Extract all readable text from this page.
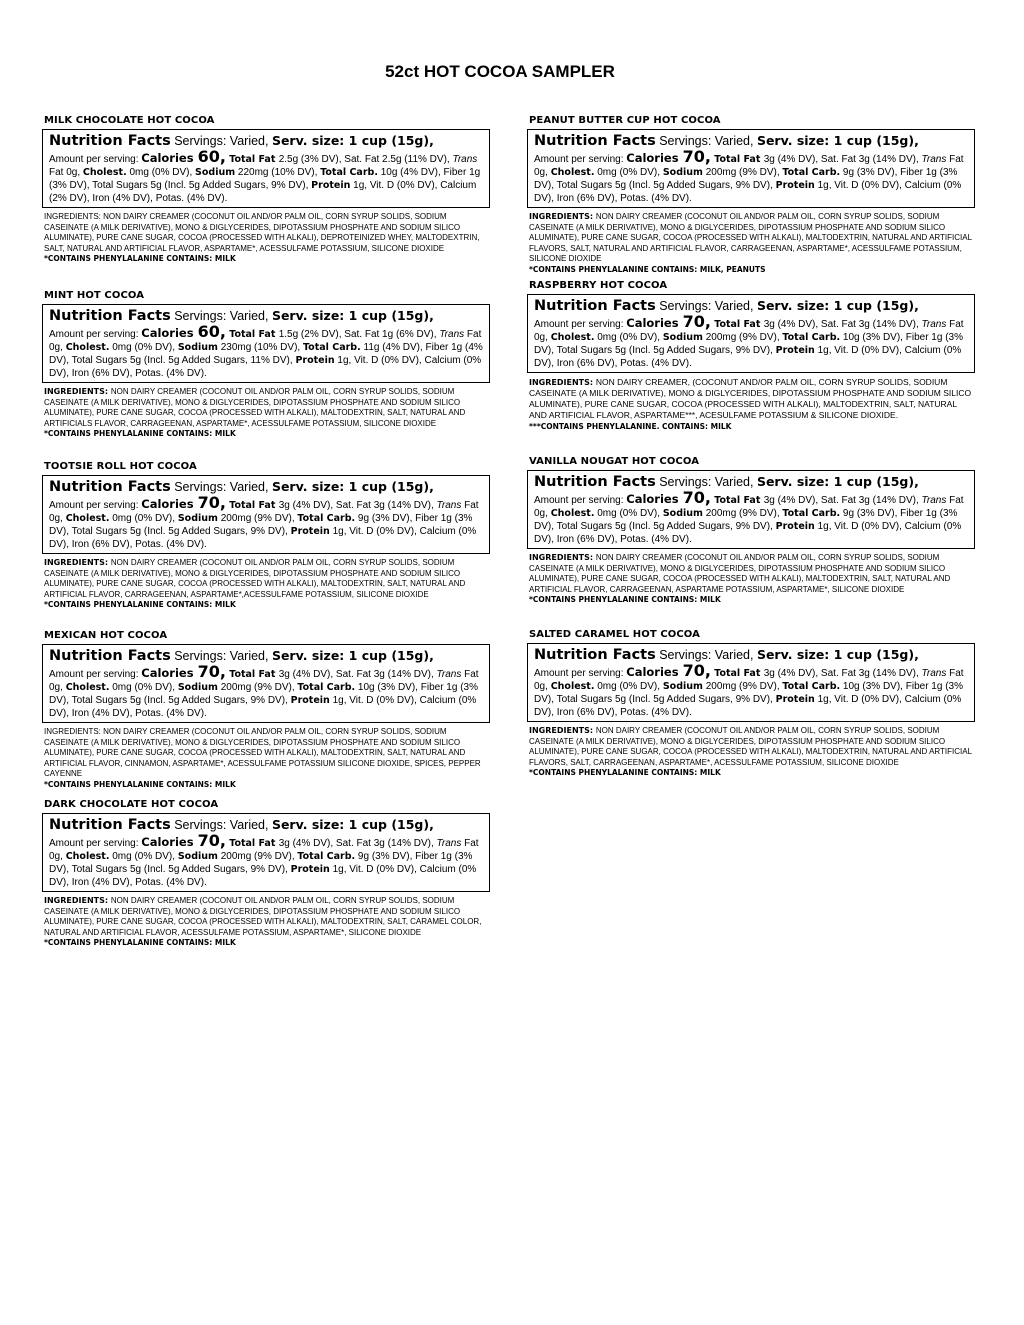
52ct HOT COCOA SAMPLER
MILK CHOCOLATE HOT COCOA
Nutrition Facts Servings: Varied, Serv. size: 1 cup (15g),
Amount per serving: Calories 60, Total Fat 2.5g (3% DV), Sat. Fat 2.5g (11% DV), Trans Fat 0g, Cholest. 0mg (0% DV), Sodium 220mg (10% DV), Total Carb. 10g (4% DV), Fiber 1g (3% DV), Total Sugars 5g (Incl. 5g Added Sugars, 9% DV), Protein 1g, Vit. D (0% DV), Calcium (2% DV), Iron (4% DV), Potas. (4% DV).
INGREDIENTS: NON DAIRY CREAMER (COCONUT OIL AND/OR PALM OIL, CORN SYRUP SOLIDS, SODIUM CASEINATE (A MILK DERIVATIVE), MONO & DIGLYCERIDES, DIPOTASSIUM PHOSPHATE AND SODIUM SILICO ALUMINATE), PURE CANE SUGAR, COCOA (PROCESSED WITH ALKALI), DEPROTEINIZED WHEY, MALTODEXTRIN, SALT, NATURAL AND ARTIFICIAL FLAVOR, ASPARTAME*, ACESSULFAME POTASSIUM, SILICONE DIOXIDE
*CONTAINS PHENYLALANINE CONTAINS: MILK
MINT HOT COCOA
Nutrition Facts Servings: Varied, Serv. size: 1 cup (15g),
Amount per serving: Calories 60, Total Fat 1.5g (2% DV), Sat. Fat 1g (6% DV), Trans Fat 0g, Cholest. 0mg (0% DV), Sodium 230mg (10% DV), Total Carb. 11g (4% DV), Fiber 1g (4% DV), Total Sugars 5g (Incl. 5g Added Sugars, 11% DV), Protein 1g, Vit. D (0% DV), Calcium (0% DV), Iron (6% DV), Potas. (4% DV).
INGREDIENTS: NON DAIRY CREAMER (COCONUT OIL AND/OR PALM OIL, CORN SYRUP SOLIDS, SODIUM CASEINATE (A MILK DERIVATIVE), MONO & DIGLYCERIDES, DIPOTASSIUM PHOSPHATE AND SODIUM SILICO ALUMINATE), PURE CANE SUGAR, COCOA (PROCESSED WITH ALKALI), MALTODEXTRIN, SALT, NATURAL AND ARTIFICIALS FLAVOR, CARRAGEENAN, ASPARTAME*, ACESSULFAME POTASSIUM, SILICONE DIOXIDE
*CONTAINS PHENYLALANINE CONTAINS: MILK
TOOTSIE ROLL HOT COCOA
Nutrition Facts Servings: Varied, Serv. size: 1 cup (15g),
Amount per serving: Calories 70, Total Fat 3g (4% DV), Sat. Fat 3g (14% DV), Trans Fat 0g, Cholest. 0mg (0% DV), Sodium 200mg (9% DV), Total Carb. 9g (3% DV), Fiber 1g (3% DV), Total Sugars 5g (Incl. 5g Added Sugars, 9% DV), Protein 1g, Vit. D (0% DV), Calcium (0% DV), Iron (6% DV), Potas. (4% DV).
INGREDIENTS: NON DAIRY CREAMER (COCONUT OIL AND/OR PALM OIL, CORN SYRUP SOLIDS, SODIUM CASEINATE (A MILK DERIVATIVE), MONO & DIGLYCERIDES, DIPOTASSIUM PHOSPHATE AND SODIUM SILICO ALUMINATE), PURE CANE SUGAR, COCOA (PROCESSED WITH ALKALI), MALTODEXTRIN, SALT, NATURAL AND ARTIFICIAL FLAVOR, CARRAGEENAN, ASPARTAME*,ACESSULFAME POTASSIUM, SILICONE DIOXIDE
*CONTAINS PHENYLALANINE CONTAINS: MILK
MEXICAN HOT COCOA
Nutrition Facts Servings: Varied, Serv. size: 1 cup (15g),
Amount per serving: Calories 70, Total Fat 3g (4% DV), Sat. Fat 3g (14% DV), Trans Fat 0g, Cholest. 0mg (0% DV), Sodium 200mg (9% DV), Total Carb. 10g (3% DV), Fiber 1g (3% DV), Total Sugars 5g (Incl. 5g Added Sugars, 9% DV), Protein 1g, Vit. D (0% DV), Calcium (0% DV), Iron (4% DV), Potas. (4% DV).
INGREDIENTS: NON DAIRY CREAMER (COCONUT OIL AND/OR PALM OIL, CORN SYRUP SOLIDS, SODIUM CASEINATE (A MILK DERIVATIVE), MONO & DIGLYCERIDES, DIPOTASSIUM PHOSPHATE AND SODIUM SILICO ALUMINATE), PURE CANE SUGAR, COCOA (PROCESSED WITH ALKALI), MALTODEXTRIN, SALT, NATURAL AND ARTIFICIAL FLAVOR, CINNAMON, ASPARTAME*, ACESSULFAME POTASSIUM SILICONE DIOXIDE, SPICES, PEPPER CAYENNE
*CONTAINS PHENYLALANINE CONTAINS: MILK
DARK CHOCOLATE HOT COCOA
Nutrition Facts Servings: Varied, Serv. size: 1 cup (15g),
Amount per serving: Calories 70, Total Fat 3g (4% DV), Sat. Fat 3g (14% DV), Trans Fat 0g, Cholest. 0mg (0% DV), Sodium 200mg (9% DV), Total Carb. 9g (3% DV), Fiber 1g (3% DV), Total Sugars 5g (Incl. 5g Added Sugars, 9% DV), Protein 1g, Vit. D (0% DV), Calcium (0% DV), Iron (4% DV), Potas. (4% DV).
INGREDIENTS: NON DAIRY CREAMER (COCONUT OIL AND/OR PALM OIL, CORN SYRUP SOLIDS, SODIUM CASEINATE (A MILK DERIVATIVE), MONO & DIGLYCERIDES, DIPOTASSIUM PHOSPHATE AND SODIUM SILICO ALUMINATE), PURE CANE SUGAR, COCOA (PROCESSED WITH ALKALI), MALTODEXTRIN, SALT, CARAMEL COLOR, NATURAL AND ARTIFICIAL FLAVOR, ACESSULFAME POTASSIUM, ASPARTAME*, SILICONE DIOXIDE
*CONTAINS PHENYLALANINE CONTAINS: MILK
PEANUT BUTTER CUP HOT COCOA
Nutrition Facts Servings: Varied, Serv. size: 1 cup (15g),
Amount per serving: Calories 70, Total Fat 3g (4% DV), Sat. Fat 3g (14% DV), Trans Fat 0g, Cholest. 0mg (0% DV), Sodium 200mg (9% DV), Total Carb. 9g (3% DV), Fiber 1g (3% DV), Total Sugars 5g (Incl. 5g Added Sugars, 9% DV), Protein 1g, Vit. D (0% DV), Calcium (0% DV), Iron (6% DV), Potas. (4% DV).
INGREDIENTS: NON DAIRY CREAMER (COCONUT OIL AND/OR PALM OIL, CORN SYRUP SOLIDS, SODIUM CASEINATE (A MILK DERIVATIVE), MONO & DIGLYCERIDES, DIPOTASSIUM PHOSPHATE AND SODIUM SILICO ALUMINATE), PURE CANE SUGAR, COCOA (PROCESSED WITH ALKALI), MALTODEXTRIN, NATURAL AND ARTIFICIAL FLAVORS, SALT, NATURAL AND ARTIFICIAL FLAVOR, CARRAGEENAN, ASPARTAME*, ACESSULFAME POTASSIUM, SILICONE DIOXIDE
*CONTAINS PHENYLALANINE CONTAINS: MILK, PEANUTS
RASPBERRY HOT COCOA
Nutrition Facts Servings: Varied, Serv. size: 1 cup (15g),
Amount per serving: Calories 70, Total Fat 3g (4% DV), Sat. Fat 3g (14% DV), Trans Fat 0g, Cholest. 0mg (0% DV), Sodium 200mg (9% DV), Total Carb. 10g (3% DV), Fiber 1g (3% DV), Total Sugars 5g (Incl. 5g Added Sugars, 9% DV), Protein 1g, Vit. D (0% DV), Calcium (0% DV), Iron (6% DV), Potas. (4% DV).
INGREDIENTS: NON DAIRY CREAMER, (COCONUT AND/OR PALM OIL, CORN SYRUP SOLIDS, SODIUM CASEINATE (A MILK DERIVATIVE), MONO & DIGLYCERIDES, DIPOTASSIUM PHOSPHATE AND SODIUM SILICO ALUMINATE), PURE CANE SUGAR, COCOA (PROCESSED WITH ALKALI), MALTODEXTRIN, SALT, NATURAL AND ARTIFICIAL FLAVOR, ASPARTAME***, ACESULFAME POTASSIUM & SILICONE DIOXIDE.
***CONTAINS PHENYLALANINE. CONTAINS: MILK
VANILLA NOUGAT HOT COCOA
Nutrition Facts Servings: Varied, Serv. size: 1 cup (15g),
Amount per serving: Calories 70, Total Fat 3g (4% DV), Sat. Fat 3g (14% DV), Trans Fat 0g, Cholest. 0mg (0% DV), Sodium 200mg (9% DV), Total Carb. 9g (3% DV), Fiber 1g (3% DV), Total Sugars 5g (Incl. 5g Added Sugars, 9% DV), Protein 1g, Vit. D (0% DV), Calcium (0% DV), Iron (6% DV), Potas. (4% DV).
INGREDIENTS: NON DAIRY CREAMER (COCONUT OIL AND/OR PALM OIL, CORN SYRUP SOLIDS, SODIUM CASEINATE (A MILK DERIVATIVE), MONO & DIGLYCERIDES, DIPOTASSIUM PHOSPHATE AND SODIUM SILICO ALUMINATE), PURE CANE SUGAR, COCOA (PROCESSED WITH ALKALI), MALTODEXTRIN, SALT, NATURAL AND ARTIFICIAL FLAVOR, CARRAGEENAN, ASPARTAME POTASSIUM, ASPARTAME*, SILICONE DIOXIDE
*CONTAINS PHENYLALANINE CONTAINS: MILK
SALTED CARAMEL HOT COCOA
Nutrition Facts Servings: Varied, Serv. size: 1 cup (15g),
Amount per serving: Calories 70, Total Fat 3g (4% DV), Sat. Fat 3g (14% DV), Trans Fat 0g, Cholest. 0mg (0% DV), Sodium 200mg (9% DV), Total Carb. 10g (3% DV), Fiber 1g (3% DV), Total Sugars 5g (Incl. 5g Added Sugars, 9% DV), Protein 1g, Vit. D (0% DV), Calcium (0% DV), Iron (6% DV), Potas. (4% DV).
INGREDIENTS: NON DAIRY CREAMER (COCONUT OIL AND/OR PALM OIL, CORN SYRUP SOLIDS, SODIUM CASEINATE (A MILK DERIVATIVE), MONO & DIGLYCERIDES, DIPOTASSIUM PHOSPHATE AND SODIUM SILICO ALUMINATE), PURE CANE SUGAR, COCOA (PROCESSED WITH ALKALI), MALTODEXTRIN, NATURAL AND ARTIFICIAL FLAVORS, SALT, CARRAGEENAN, ASPARTAME*, ACESSULFAME POTASSIUM, SILICONE DIOXIDE
*CONTAINS PHENYLALANINE CONTAINS: MILK
